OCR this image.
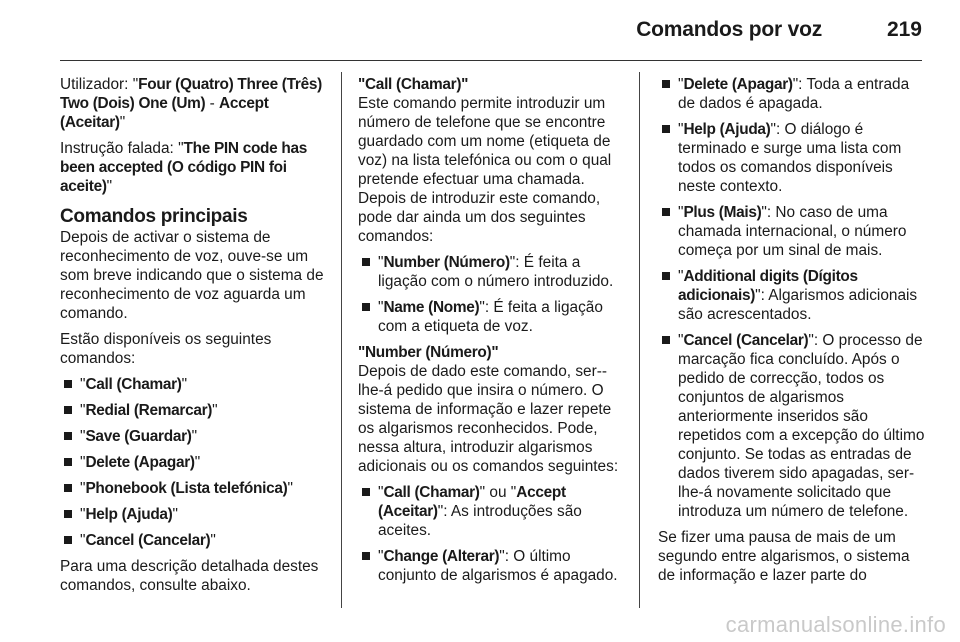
Comandos por voz	219

Utilizador: "Four (Quatro) Three (Três) Two (Dois) One (Um) - Accept (Aceitar)"

Instrução falada: "The PIN code has been accepted (O código PIN foi aceite)"

Comandos principais

Depois de activar o sistema de reconhecimento de voz, ouve-se um som breve indicando que o sistema de reconhecimento de voz aguarda um comando.

Estão disponíveis os seguintes comandos:

"Call (Chamar)"
"Redial (Remarcar)"
"Save (Guardar)"
"Delete (Apagar)"
"Phonebook (Lista telefónica)"
"Help (Ajuda)"
"Cancel (Cancelar)"

Para uma descrição detalhada destes comandos, consulte abaixo.

"Call (Chamar)"

Este comando permite introduzir um número de telefone que se encontre guardado com um nome (etiqueta de voz) na lista telefónica ou com o qual pretende efectuar uma chamada. Depois de introduzir este comando, pode dar ainda um dos seguintes comandos:

"Number (Número)": É feita a ligação com o número introduzido.
"Name (Nome)": É feita a ligação com a etiqueta de voz.

"Number (Número)"

Depois de dado este comando, ser--lhe-á pedido que insira o número. O sistema de informação e lazer repete os algarismos reconhecidos. Pode, nessa altura, introduzir algarismos adicionais ou os comandos seguintes:

"Call (Chamar)" ou "Accept (Aceitar)": As introduções são aceites.
"Change (Alterar)": O último conjunto de algarismos é apagado.
"Delete (Apagar)": Toda a entrada de dados é apagada.
"Help (Ajuda)": O diálogo é terminado e surge uma lista com todos os comandos disponíveis neste contexto.
"Plus (Mais)": No caso de uma chamada internacional, o número começa por um sinal de mais.
"Additional digits (Dígitos adicionais)": Algarismos adicionais são acrescentados.
"Cancel (Cancelar)": O processo de marcação fica concluído. Após o pedido de correcção, todos os conjuntos de algarismos anteriormente inseridos são repetidos com a excepção do último conjunto. Se todas as entradas de dados tiverem sido apagadas, ser-lhe-á novamente solicitado que introduza um número de telefone.

Se fizer uma pausa de mais de um segundo entre algarismos, o sistema de informação e lazer parte do

carmanualsonline.info
